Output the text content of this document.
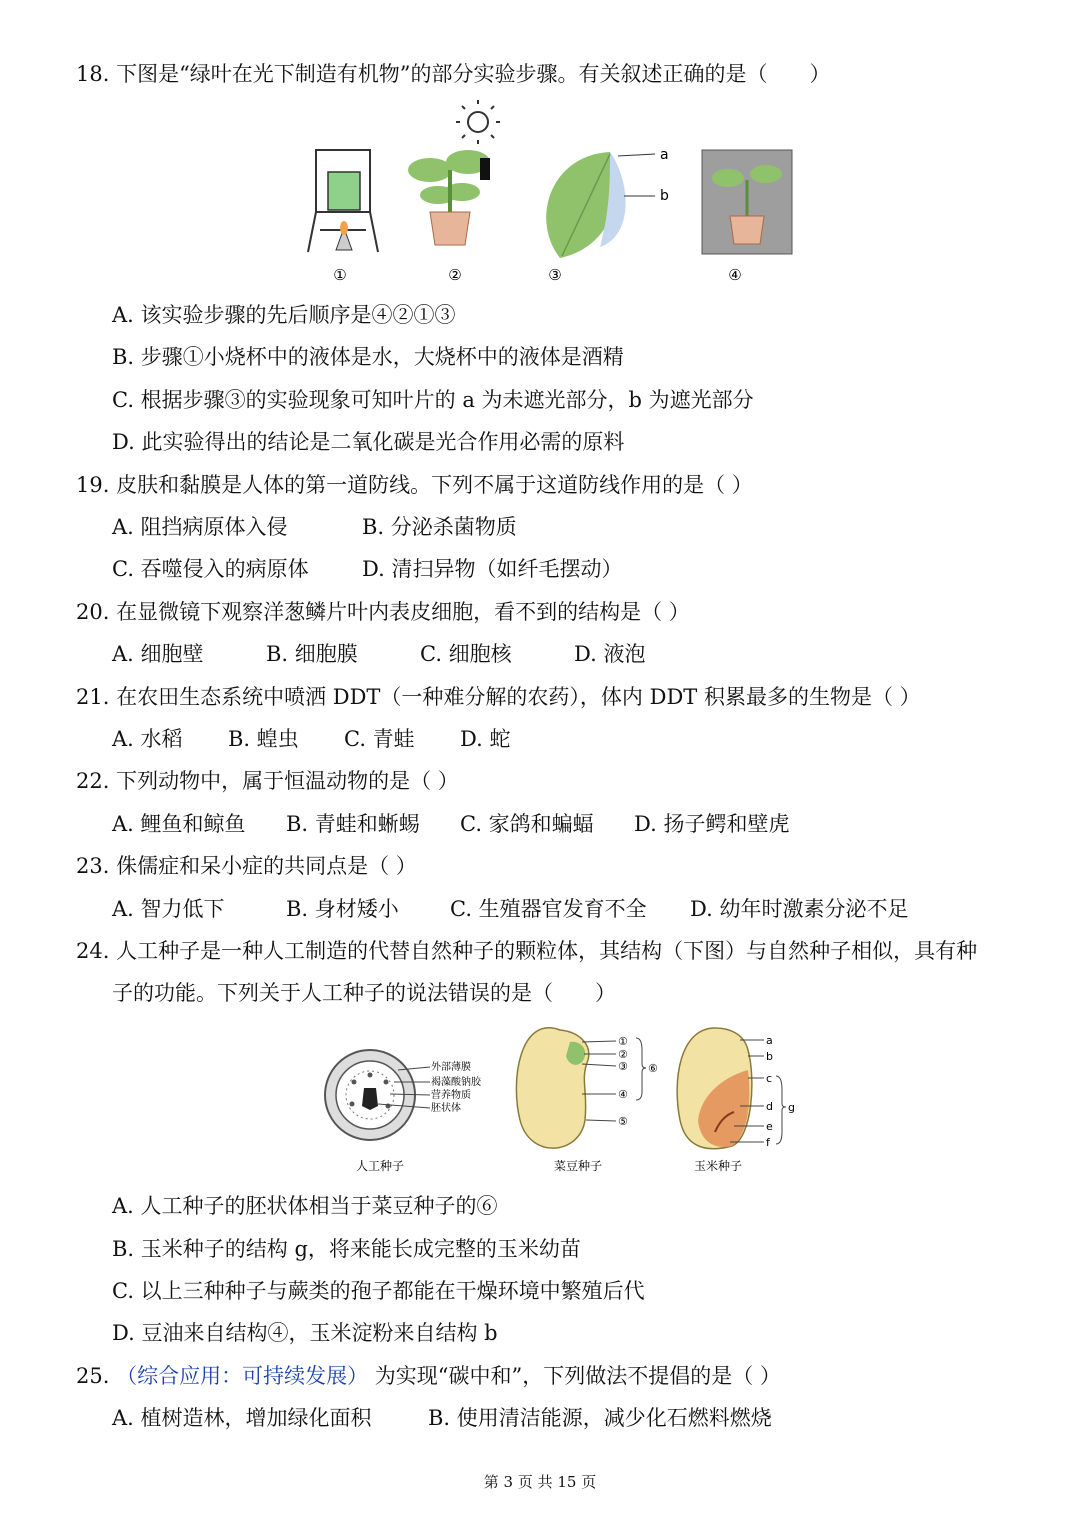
18. 下图是“绿叶在光下制造有机物”的部分实验步骤。有关叙述正确的是（　　）
①	②
a
b
③	④
A. 该实验步骤的先后顺序是④②①③
B. 步骤①小烧杯中的液体是水，大烧杯中的液体是酒精
C. 根据步骤③的实验现象可知叶片的 a 为未遮光部分，b 为遮光部分
D. 此实验得出的结论是二氧化碳是光合作用必需的原料
19. 皮肤和黏膜是人体的第一道防线。下列不属于这道防线作用的是（ ）
A. 阻挡病原体入侵	B. 分泌杀菌物质
C. 吞噬侵入的病原体	D. 清扫异物（如纤毛摆动）
20. 在显微镜下观察洋葱鳞片叶内表皮细胞，看不到的结构是（ ）
A. 细胞壁	B. 细胞膜	C. 细胞核	D. 液泡
21. 在农田生态系统中喷洒 DDT（一种难分解的农药），体内 DDT 积累最多的生物是（ ）
A. 水稻 B. 蝗虫 C. 青蛙 D. 蛇
22. 下列动物中，属于恒温动物的是（ ）
A. 鲤鱼和鲸鱼 B. 青蛙和蜥蜴 C. 家鸽和蝙蝠 D. 扬子鳄和壁虎
23. 侏儒症和呆小症的共同点是（ ）
A. 智力低下	B. 身材矮小 C. 生殖器官发育不全 D. 幼年时激素分泌不足
24. 人工种子是一种人工制造的代替自然种子的颗粒体，其结构（下图）与自然种子相似，具有种
子的功能。下列关于人工种子的说法错误的是（　　）
外部薄膜
褐藻酸钠胶
营养物质
胚状体
人工种子
①
②
③
④
⑤
⑥
菜豆种子
a
b
c
d
e
f
g
玉米种子
A. 人工种子的胚状体相当于菜豆种子的⑥
B. 玉米种子的结构 g，将来能长成完整的玉米幼苗
C. 以上三种种子与蕨类的孢子都能在干燥环境中繁殖后代
D. 豆油来自结构④，玉米淀粉来自结构 b
25. （综合应用：可持续发展） 为实现“碳中和”，下列做法不提倡的是（ ）
A. 植树造林，增加绿化面积	B. 使用清洁能源，减少化石燃料燃烧
第 3 页 共 15 页
